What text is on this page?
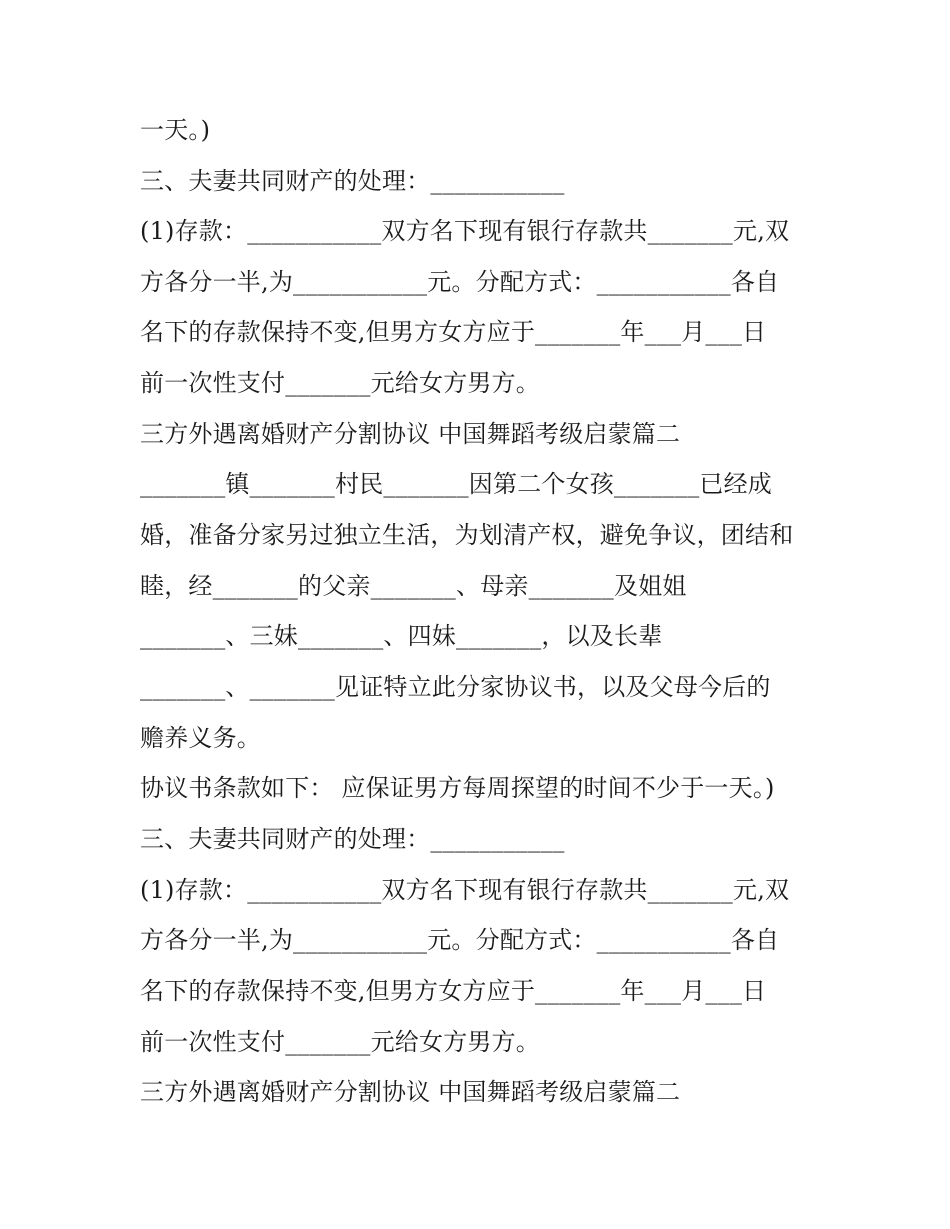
一天。)
三、夫妻共同财产的处理：___________
(1)存款：___________双方名下现有银行存款共_______元,双
方各分一半,为___________元。分配方式：___________各自
名下的存款保持不变,但男方女方应于_______年___月___日
前一次性支付_______元给女方男方。
三方外遇离婚财产分割协议 中国舞蹈考级启蒙篇二
_______镇_______村民_______因第二个女孩_______已经成
婚，准备分家另过独立生活，为划清产权，避免争议，团结和
睦，经_______的父亲_______、母亲_______及姐姐
_______、三妹_______、四妹_______，以及长辈
_______、_______见证特立此分家协议书，以及父母今后的
赡养义务。
协议书条款如下： 应保证男方每周探望的时间不少于一天。)
三、夫妻共同财产的处理：___________
(1)存款：___________双方名下现有银行存款共_______元,双
方各分一半,为___________元。分配方式：___________各自
名下的存款保持不变,但男方女方应于_______年___月___日
前一次性支付_______元给女方男方。
三方外遇离婚财产分割协议 中国舞蹈考级启蒙篇二
